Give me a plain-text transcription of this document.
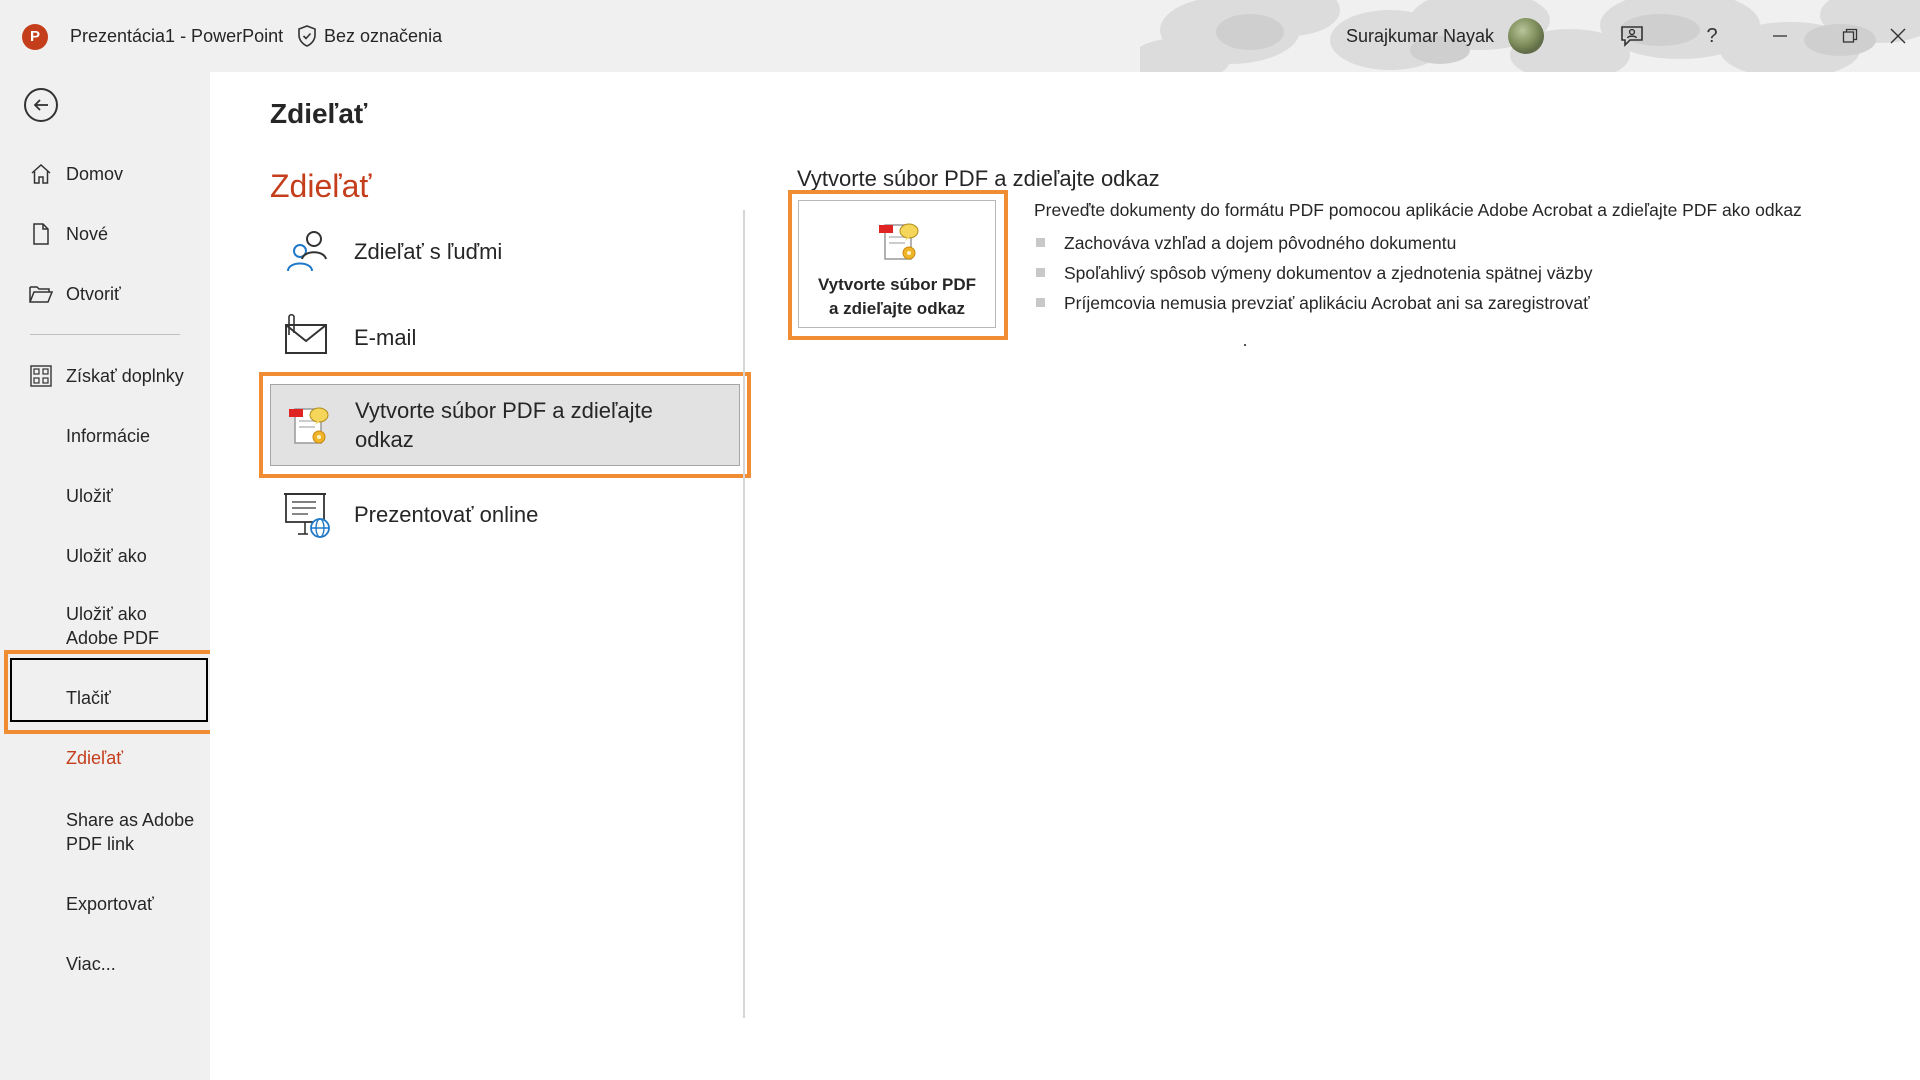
P	Prezentácia1 - PowerPoint Bez označenia	Surajkumar Nayak	?
Domov
Nové
Otvoriť
Získať doplnky
Informácie
Uložiť
Uložiť ako
Uložiť ako Adobe PDF
Tlačiť
Zdieľať
Share as Adobe PDF link
Exportovať
Viac...
Zdieľať
Zdieľať
Zdieľať s ľuďmi
E-mail
Vytvorte súbor PDF a zdieľajte odkaz
Prezentovať online
Vytvorte súbor PDF a zdieľajte odkaz
Vytvorte súbor PDF a zdieľajte odkaz
Preveďte dokumenty do formátu PDF pomocou aplikácie Adobe Acrobat a zdieľajte PDF ako odkaz
Zachováva vzhľad a dojem pôvodného dokumentu
Spoľahlivý spôsob výmeny dokumentov a zjednotenia spätnej väzby
Príjemcovia nemusia prevziať aplikáciu Acrobat ani sa zaregistrovať
